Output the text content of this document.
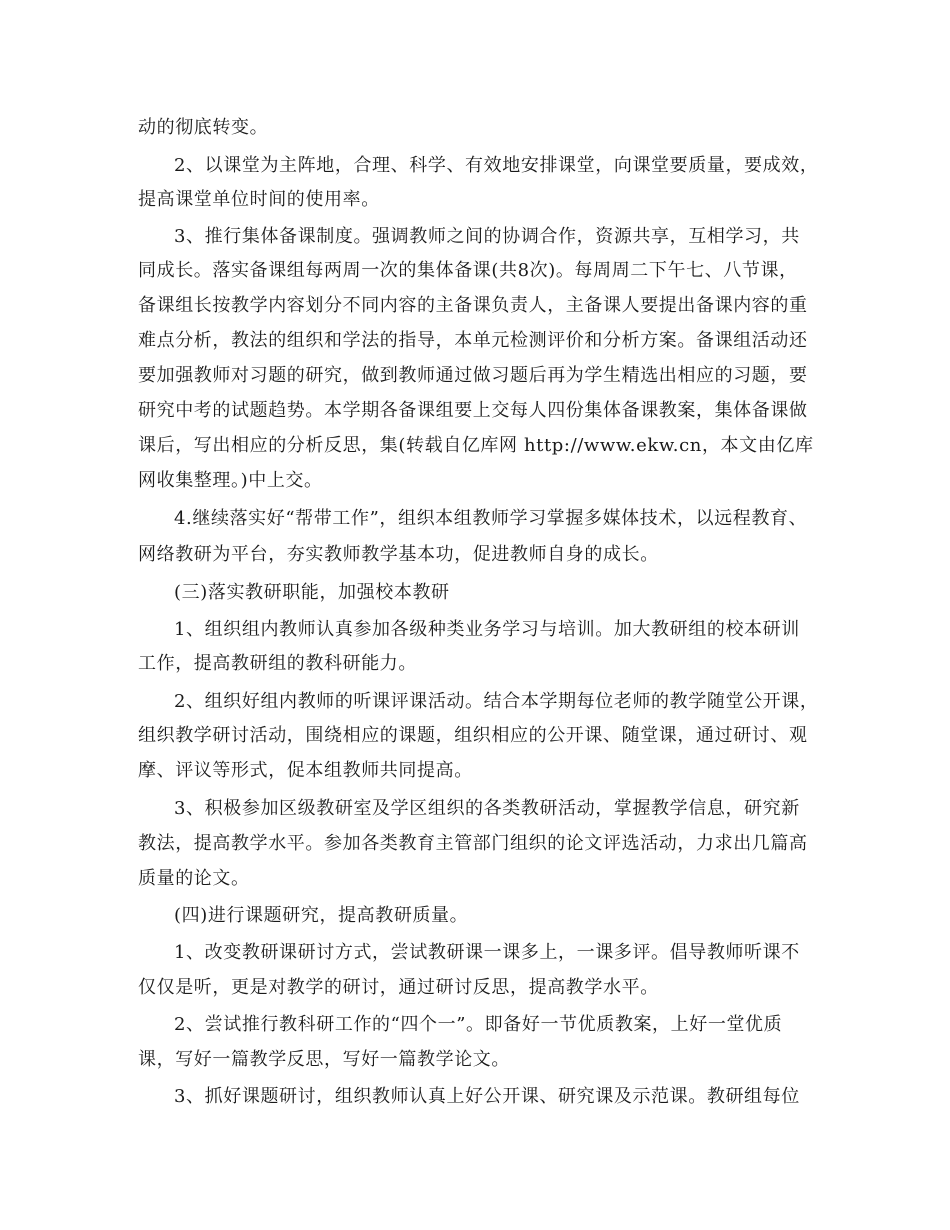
动的彻底转变。
2、以课堂为主阵地，合理、科学、有效地安排课堂，向课堂要质量，要成效，
提高课堂单位时间的使用率。
3、推行集体备课制度。强调教师之间的协调合作，资源共享，互相学习，共
同成长。落实备课组每两周一次的集体备课(共8次)。每周周二下午七、八节课，
备课组长按教学内容划分不同内容的主备课负责人，主备课人要提出备课内容的重
难点分析，教法的组织和学法的指导，本单元检测评价和分析方案。备课组活动还
要加强教师对习题的研究，做到教师通过做习题后再为学生精选出相应的习题，要
研究中考的试题趋势。本学期各备课组要上交每人四份集体备课教案，集体备课做
课后，写出相应的分析反思，集(转载自亿库网 http://www.ekw.cn，本文由亿库
网收集整理。)中上交。
4.继续落实好“帮带工作”，组织本组教师学习掌握多媒体技术，以远程教育、
网络教研为平台，夯实教师教学基本功，促进教师自身的成长。
(三)落实教研职能，加强校本教研
1、组织组内教师认真参加各级种类业务学习与培训。加大教研组的校本研训
工作，提高教研组的教科研能力。
2、组织好组内教师的听课评课活动。结合本学期每位老师的教学随堂公开课，
组织教学研讨活动，围绕相应的课题，组织相应的公开课、随堂课，通过研讨、观
摩、评议等形式，促本组教师共同提高。
3、积极参加区级教研室及学区组织的各类教研活动，掌握教学信息，研究新
教法，提高教学水平。参加各类教育主管部门组织的论文评选活动，力求出几篇高
质量的论文。
(四)进行课题研究，提高教研质量。
1、改变教研课研讨方式，尝试教研课一课多上，一课多评。倡导教师听课不
仅仅是听，更是对教学的研讨，通过研讨反思，提高教学水平。
2、尝试推行教科研工作的“四个一”。即备好一节优质教案，上好一堂优质
课，写好一篇教学反思，写好一篇教学论文。
3、抓好课题研讨，组织教师认真上好公开课、研究课及示范课。教研组每位
